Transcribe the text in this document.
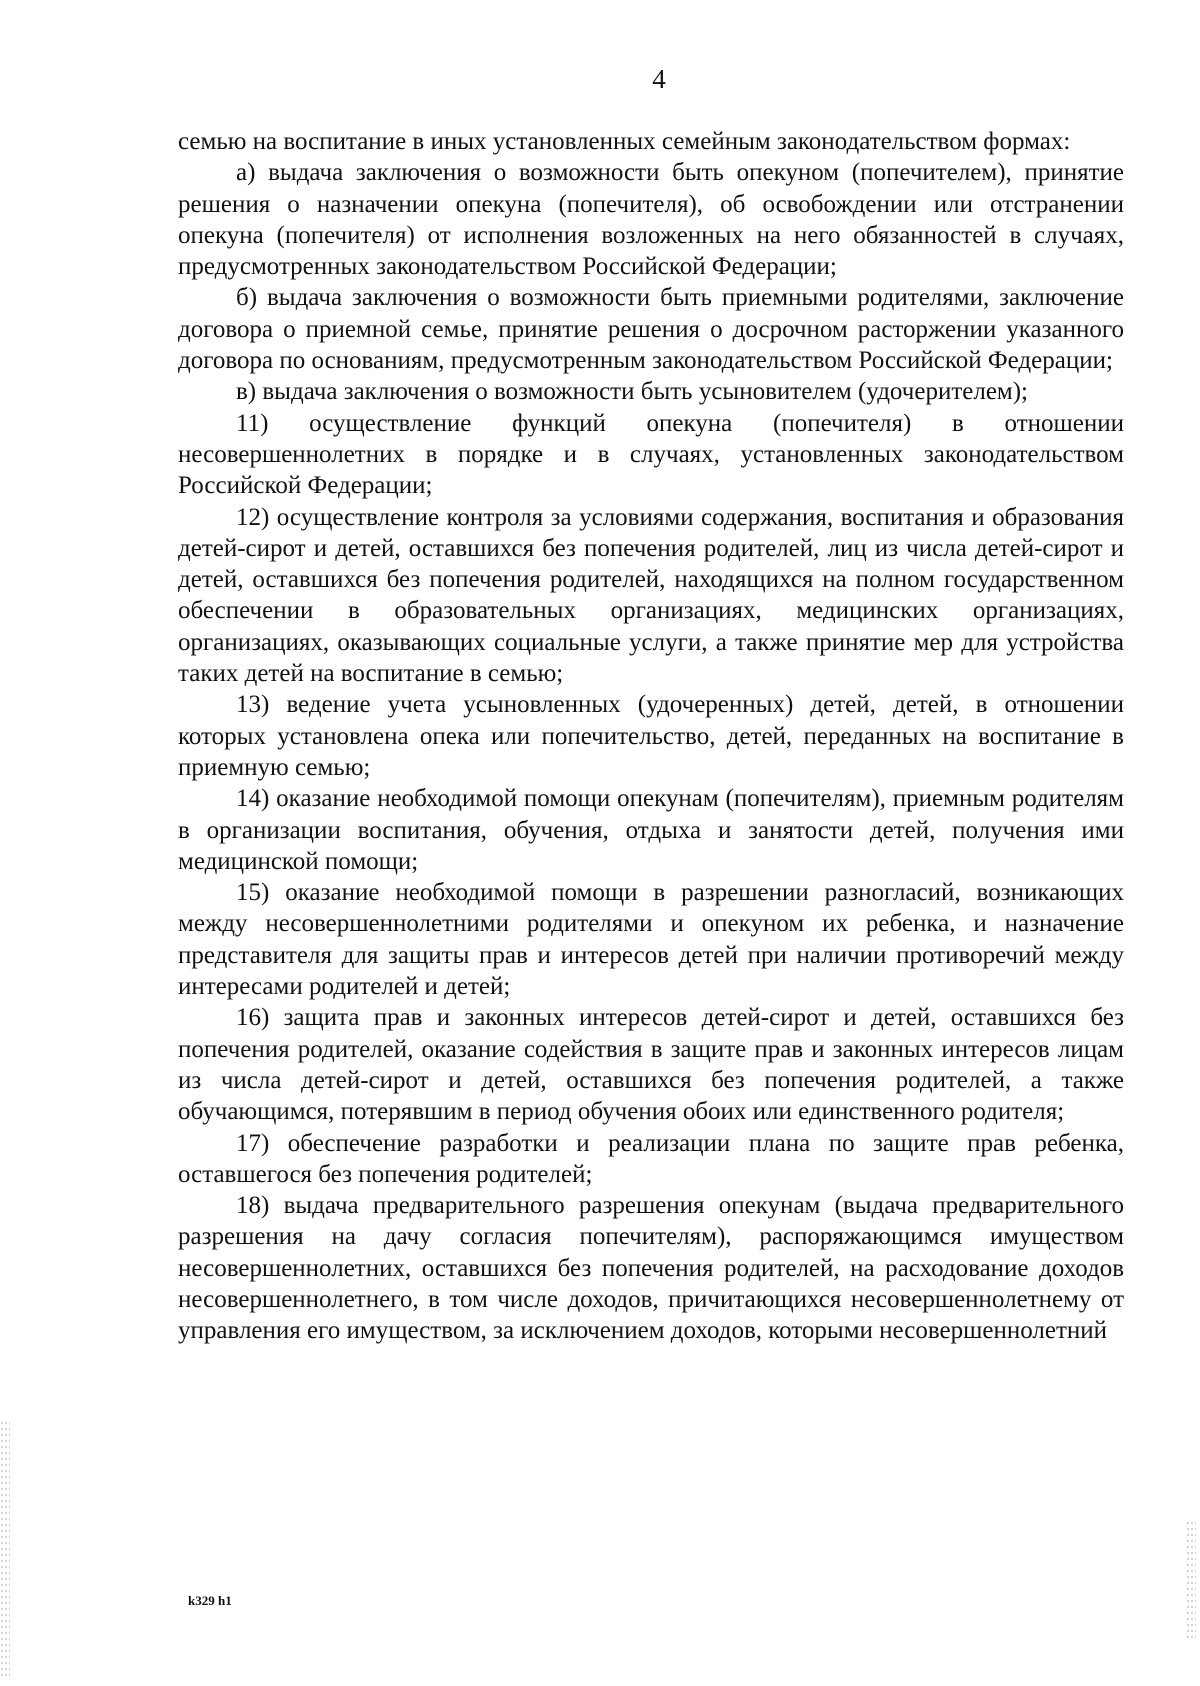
4

семью на воспитание в иных установленных семейным законодательством формах:

а) выдача заключения о возможности быть опекуном (попечителем), принятие решения о назначении опекуна (попечителя), об освобождении или отстранении опекуна (попечителя) от исполнения возложенных на него обязанностей в случаях, предусмотренных законодательством Российской Федерации;

б) выдача заключения о возможности быть приемными родителями, заключение договора о приемной семье, принятие решения о досрочном расторжении указанного договора по основаниям, предусмотренным законодательством Российской Федерации;

в) выдача заключения о возможности быть усыновителем (удочерителем);

11) осуществление функций опекуна (попечителя) в отношении несовершеннолетних в порядке и в случаях, установленных законодательством Российской Федерации;

12) осуществление контроля за условиями содержания, воспитания и образования детей-сирот и детей, оставшихся без попечения родителей, лиц из числа детей-сирот и детей, оставшихся без попечения родителей, находящихся на полном государственном обеспечении в образовательных организациях, медицинских организациях, организациях, оказывающих социальные услуги, а также принятие мер для устройства таких детей на воспитание в семью;

13) ведение учета усыновленных (удочеренных) детей, детей, в отношении которых установлена опека или попечительство, детей, переданных на воспитание в приемную семью;

14) оказание необходимой помощи опекунам (попечителям), приемным родителям в организации воспитания, обучения, отдыха и занятости детей, получения ими медицинской помощи;

15) оказание необходимой помощи в разрешении разногласий, возникающих между несовершеннолетними родителями и опекуном их ребенка, и назначение представителя для защиты прав и интересов детей при наличии противоречий между интересами родителей и детей;

16) защита прав и законных интересов детей-сирот и детей, оставшихся без попечения родителей, оказание содействия в защите прав и законных интересов лицам из числа детей-сирот и детей, оставшихся без попечения родителей, а также обучающимся, потерявшим в период обучения обоих или единственного родителя;

17) обеспечение разработки и реализации плана по защите прав ребенка, оставшегося без попечения родителей;

18) выдача предварительного разрешения опекунам (выдача предварительного разрешения на дачу согласия попечителям), распоряжающимся имуществом несовершеннолетних, оставшихся без попечения родителей, на расходование доходов несовершеннолетнего, в том числе доходов, причитающихся несовершеннолетнему от управления его имуществом, за исключением доходов, которыми несовершеннолетний

k329 h1
